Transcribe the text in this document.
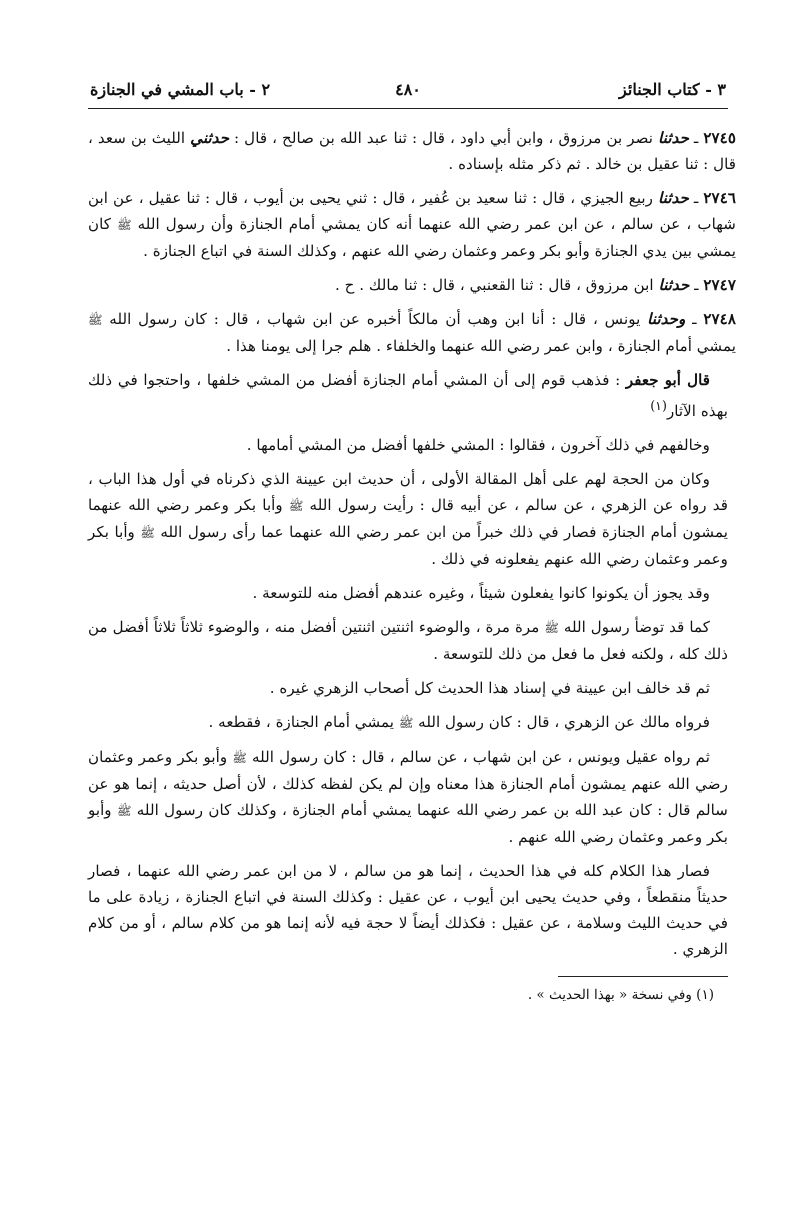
٣ - كتاب الجنائز
٤٨٠
٢ - باب المشي في الجنازة

٢٧٤٥ ـ حدثنا نصر بن مرزوق ، وابن أبي داود ، قال : ثنا عبد الله بن صالح ، قال : حدثني الليث بن سعد ، قال : ثنا عقيل بن خالد . ثم ذكر مثله بإسناده .

٢٧٤٦ ـ حدثنا ربيع الجيزي ، قال : ثنا سعيد بن عُفير ، قال : ثني يحيى بن أيوب ، قال : ثنا عقيل ، عن ابن شهاب ، عن سالم ، عن ابن عمر رضي الله عنهما أنه كان يمشي أمام الجنازة وأن رسول الله ﷺ كان يمشي بين يدي الجنازة وأبو بكر وعمر وعثمان رضي الله عنهم ، وكذلك السنة في اتباع الجنازة .

٢٧٤٧ ـ حدثنا ابن مرزوق ، قال : ثنا القعنبي ، قال : ثنا مالك . ح .

٢٧٤٨ ـ وحدثنا يونس ، قال : أنا ابن وهب أن مالكاً أخبره عن ابن شهاب ، قال : كان رسول الله ﷺ يمشي أمام الجنازة ، وابن عمر رضي الله عنهما والخلفاء . هلم جرا إلى يومنا هذا .

قال أبو جعفر : فذهب قوم إلى أن المشي أمام الجنازة أفضل من المشي خلفها ، واحتجوا في ذلك بهذه الآثار$^{(١)}$

وخالفهم في ذلك آخرون ، فقالوا : المشي خلفها أفضل من المشي أمامها .

وكان من الحجة لهم على أهل المقالة الأولى ، أن حديث ابن عيينة الذي ذكرناه في أول هذا الباب ، قد رواه عن الزهري ، عن سالم ، عن أبيه قال : رأيت رسول الله ﷺ وأبا بكر وعمر رضي الله عنهما يمشون أمام الجنازة فصار في ذلك خبراً من ابن عمر رضي الله عنهما عما رأى رسول الله ﷺ وأبا بكر وعمر وعثمان رضي الله عنهم يفعلونه في ذلك .

وقد يجوز أن يكونوا كانوا يفعلون شيئاً ، وغيره عندهم أفضل منه للتوسعة .

كما قد توضأ رسول الله ﷺ مرة مرة ، والوضوء اثنتين اثنتين أفضل منه ، والوضوء ثلاثاً ثلاثاً أفضل من ذلك كله ، ولكنه فعل ما فعل من ذلك للتوسعة .

ثم قد خالف ابن عيينة في إسناد هذا الحديث كل أصحاب الزهري غيره .

فرواه مالك عن الزهري ، قال : كان رسول الله ﷺ يمشي أمام الجنازة ، فقطعه .

ثم رواه عقيل ويونس ، عن ابن شهاب ، عن سالم ، قال : كان رسول الله ﷺ وأبو بكر وعمر وعثمان رضي الله عنهم يمشون أمام الجنازة هذا معناه وإن لم يكن لفظه كذلك ، لأن أصل حديثه ، إنما هو عن سالم قال : كان عبد الله بن عمر رضي الله عنهما يمشي أمام الجنازة ، وكذلك كان رسول الله ﷺ وأبو بكر وعمر وعثمان رضي الله عنهم .

فصار هذا الكلام كله في هذا الحديث ، إنما هو من سالم ، لا من ابن عمر رضي الله عنهما ، فصار حديثاً منقطعاً ، وفي حديث يحيى ابن أيوب ، عن عقيل : وكذلك السنة في اتباع الجنازة ، زيادة على ما في حديث الليث وسلامة ، عن عقيل : فكذلك أيضاً لا حجة فيه لأنه إنما هو من كلام سالم ، أو من كلام الزهري .

(١) وفي نسخة « بهذا الحديث » .
